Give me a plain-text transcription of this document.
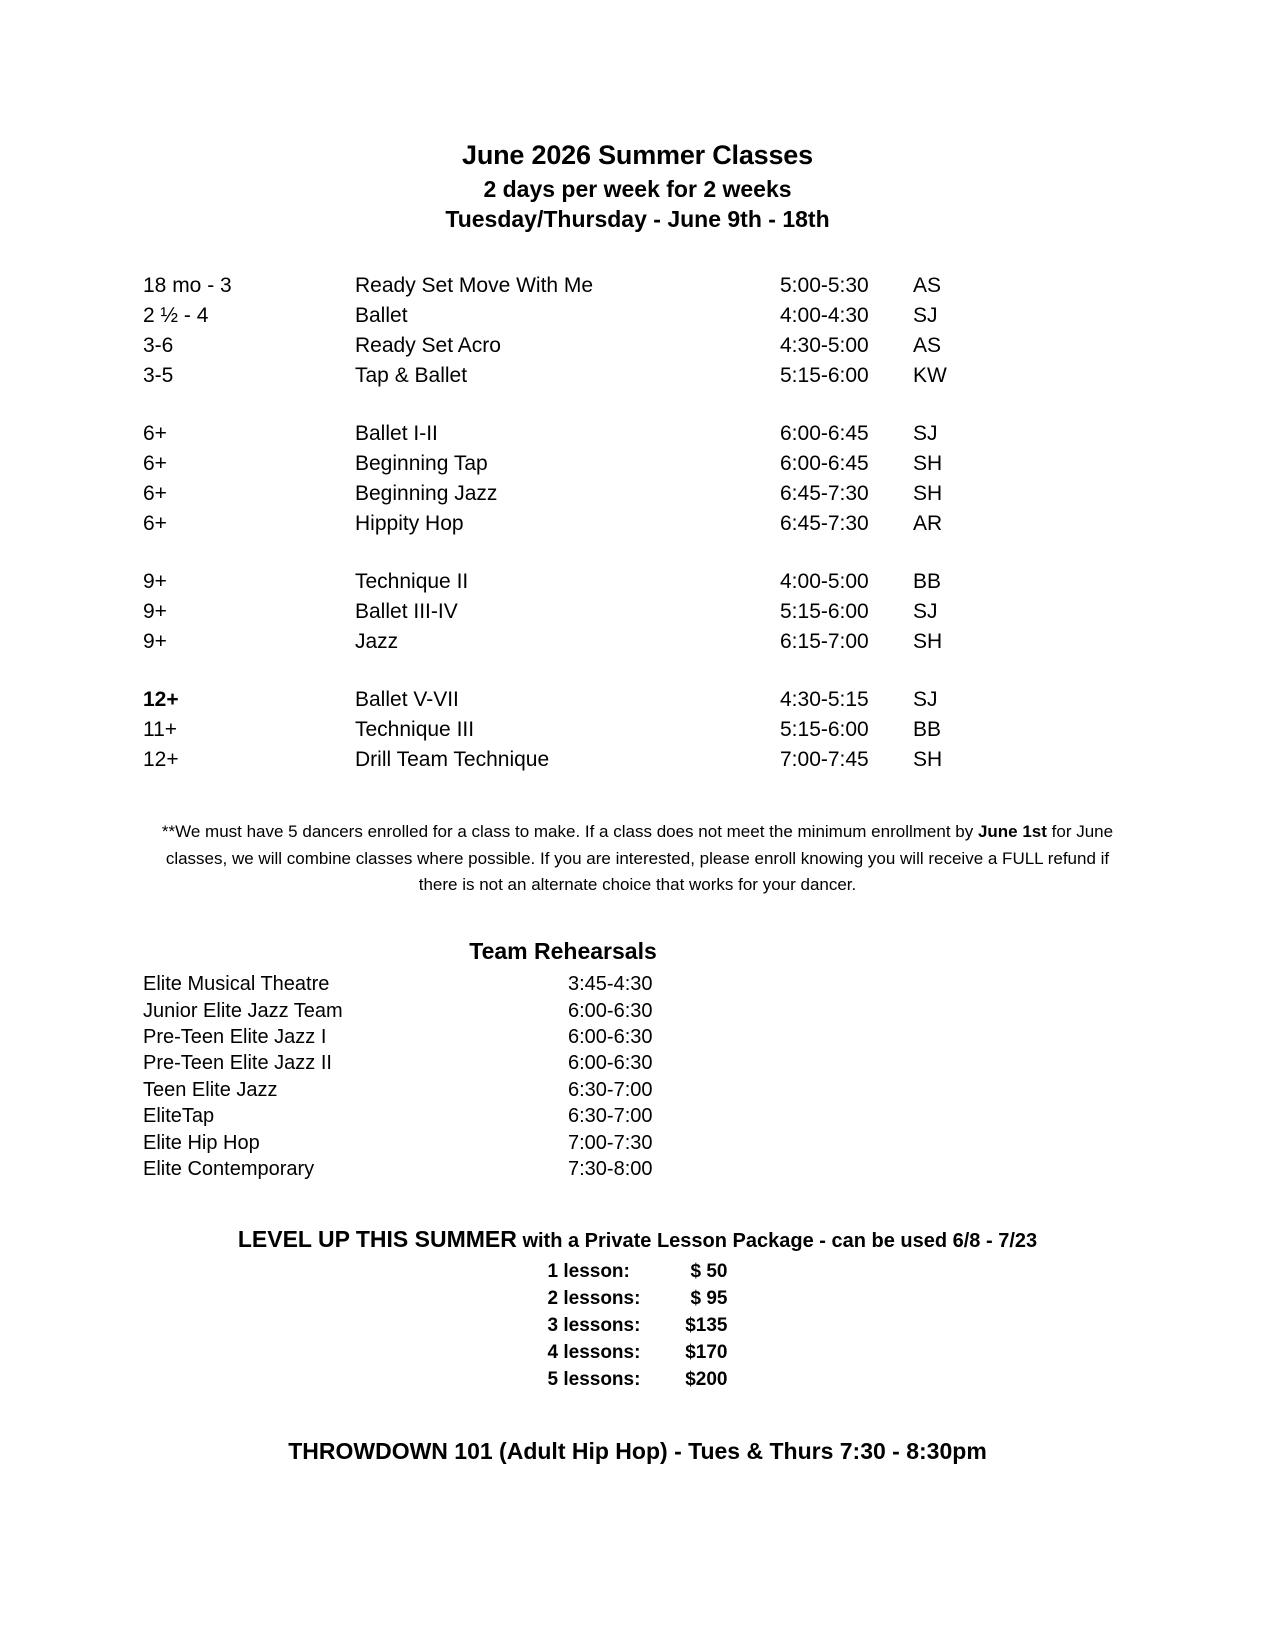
June 2026 Summer Classes
2 days per week for 2 weeks
Tuesday/Thursday - June 9th - 18th
18 mo - 3	Ready Set Move With Me	5:00-5:30	AS
2 ½ - 4	Ballet	4:00-4:30	SJ
3-6	Ready Set Acro	4:30-5:00	AS
3-5	Tap & Ballet	5:15-6:00	KW
6+	Ballet I-II	6:00-6:45	SJ
6+	Beginning Tap	6:00-6:45	SH
6+	Beginning Jazz	6:45-7:30	SH
6+	Hippity Hop	6:45-7:30	AR
9+	Technique II	4:00-5:00	BB
9+	Ballet III-IV	5:15-6:00	SJ
9+	Jazz	6:15-7:00	SH
12+	Ballet V-VII	4:30-5:15	SJ
11+	Technique III	5:15-6:00	BB
12+	Drill Team Technique	7:00-7:45	SH
**We must have 5 dancers enrolled for a class to make. If a class does not meet the minimum enrollment by June 1st for June classes, we will combine classes where possible. If you are interested, please enroll knowing you will receive a FULL refund if there is not an alternate choice that works for your dancer.
Team Rehearsals
Elite Musical Theatre	3:45-4:30
Junior Elite Jazz Team	6:00-6:30
Pre-Teen Elite Jazz I	6:00-6:30
Pre-Teen Elite Jazz II	6:00-6:30
Teen Elite Jazz	6:30-7:00
EliteTap	6:30-7:00
Elite Hip Hop	7:00-7:30
Elite Contemporary	7:30-8:00
LEVEL UP THIS SUMMER with a Private Lesson Package - can be used 6/8 - 7/23
1 lesson:	$ 50
2 lessons:	$ 95
3 lessons:	$135
4 lessons:	$170
5 lessons:	$200
THROWDOWN 101 (Adult Hip Hop) - Tues & Thurs 7:30 - 8:30pm
